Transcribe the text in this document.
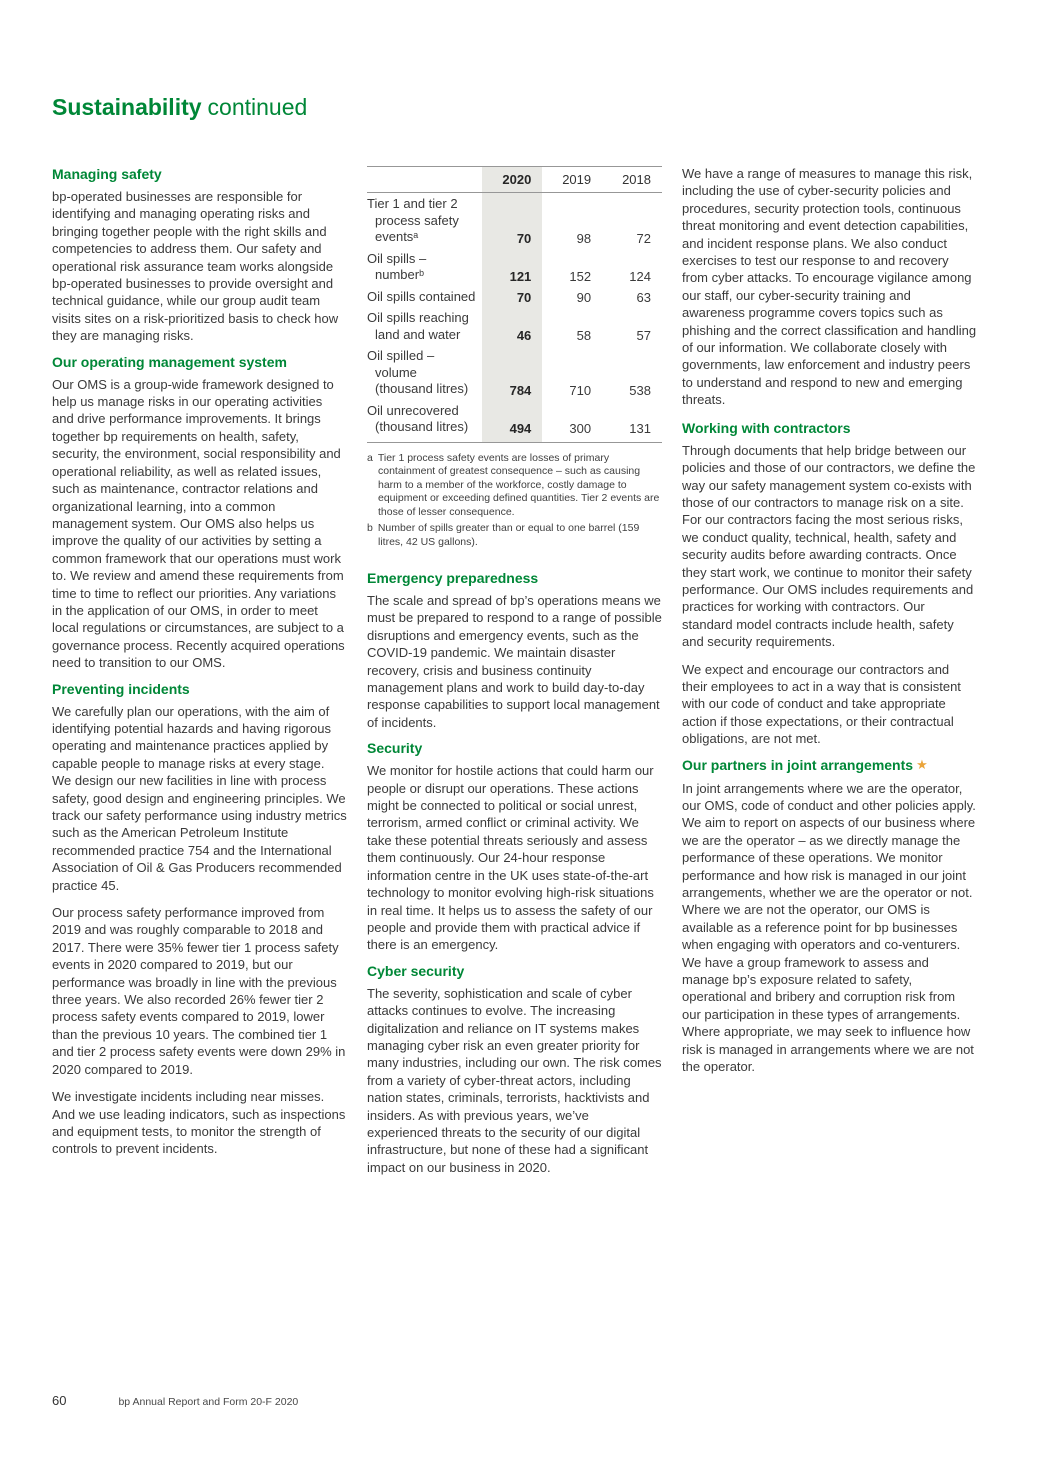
Sustainability continued
Managing safety

bp-operated businesses are responsible for identifying and managing operating risks and bringing together people with the right skills and competencies to address them. Our safety and operational risk assurance team works alongside bp-operated businesses to provide oversight and technical guidance, while our group audit team visits sites on a risk-prioritized basis to check how they are managing risks.

Our operating management system

Our OMS is a group-wide framework designed to help us manage risks in our operating activities and drive performance improvements. It brings together bp requirements on health, safety, security, the environment, social responsibility and operational reliability, as well as related issues, such as maintenance, contractor relations and organizational learning, into a common management system. Our OMS also helps us improve the quality of our activities by setting a common framework that our operations must work to. We review and amend these requirements from time to time to reflect our priorities. Any variations in the application of our OMS, in order to meet local regulations or circumstances, are subject to a governance process. Recently acquired operations need to transition to our OMS.

Preventing incidents

We carefully plan our operations, with the aim of identifying potential hazards and having rigorous operating and maintenance practices applied by capable people to manage risks at every stage. We design our new facilities in line with process safety, good design and engineering principles. We track our safety performance using industry metrics such as the American Petroleum Institute recommended practice 754 and the International Association of Oil & Gas Producers recommended practice 45.

Our process safety performance improved from 2019 and was roughly comparable to 2018 and 2017. There were 35% fewer tier 1 process safety events in 2020 compared to 2019, but our performance was broadly in line with the previous three years. We also recorded 26% fewer tier 2 process safety events compared to 2019, lower than the previous 10 years. The combined tier 1 and tier 2 process safety events were down 29% in 2020 compared to 2019.

We investigate incidents including near misses. And we use leading indicators, such as inspections and equipment tests, to monitor the strength of controls to prevent incidents.

	2020	2019	2018
Tier 1 and tier 2 process safety eventsᵃ	70	98	72
Oil spills – numberᵇ	121	152	124
Oil spills contained	70	90	63
Oil spills reaching land and water	46	58	57
Oil spilled – volume (thousand litres)	784	710	538
Oil unrecovered (thousand litres)	494	300	131
a Tier 1 process safety events are losses of primary containment of greatest consequence – such as causing harm to a member of the workforce, costly damage to equipment or exceeding defined quantities. Tier 2 events are those of lesser consequence.
b Number of spills greater than or equal to one barrel (159 litres, 42 US gallons).
Emergency preparedness

The scale and spread of bp’s operations means we must be prepared to respond to a range of possible disruptions and emergency events, such as the COVID-19 pandemic. We maintain disaster recovery, crisis and business continuity management plans and work to build day-to-day response capabilities to support local management of incidents.

Security

We monitor for hostile actions that could harm our people or disrupt our operations. These actions might be connected to political or social unrest, terrorism, armed conflict or criminal activity. We take these potential threats seriously and assess them continuously. Our 24-hour response information centre in the UK uses state-of-the-art technology to monitor evolving high-risk situations in real time. It helps us to assess the safety of our people and provide them with practical advice if there is an emergency.

Cyber security

The severity, sophistication and scale of cyber attacks continues to evolve. The increasing digitalization and reliance on IT systems makes managing cyber risk an even greater priority for many industries, including our own. The risk comes from a variety of cyber-threat actors, including nation states, criminals, terrorists, hacktivists and insiders. As with previous years, we’ve experienced threats to the security of our digital infrastructure, but none of these had a significant impact on our business in 2020.

We have a range of measures to manage this risk, including the use of cyber-security policies and procedures, security protection tools, continuous threat monitoring and event detection capabilities, and incident response plans. We also conduct exercises to test our response to and recovery from cyber attacks. To encourage vigilance among our staff, our cyber-security training and awareness programme covers topics such as phishing and the correct classification and handling of our information. We collaborate closely with governments, law enforcement and industry peers to understand and respond to new and emerging threats.

Working with contractors

Through documents that help bridge between our policies and those of our contractors, we define the way our safety management system co-exists with those of our contractors to manage risk on a site. For our contractors facing the most serious risks, we conduct quality, technical, health, safety and security audits before awarding contracts. Once they start work, we continue to monitor their safety performance. Our OMS includes requirements and practices for working with contractors. Our standard model contracts include health, safety and security requirements.

We expect and encourage our contractors and their employees to act in a way that is consistent with our code of conduct and take appropriate action if those expectations, or their contractual obligations, are not met.

Our partners in joint arrangements ★

In joint arrangements where we are the operator, our OMS, code of conduct and other policies apply. We aim to report on aspects of our business where we are the operator – as we directly manage the performance of these operations. We monitor performance and how risk is managed in our joint arrangements, whether we are the operator or not. Where we are not the operator, our OMS is available as a reference point for bp businesses when engaging with operators and co-venturers. We have a group framework to assess and manage bp’s exposure related to safety, operational and bribery and corruption risk from our participation in these types of arrangements. Where appropriate, we may seek to influence how risk is managed in arrangements where we are not the operator.

60	bp Annual Report and Form 20-F 2020
